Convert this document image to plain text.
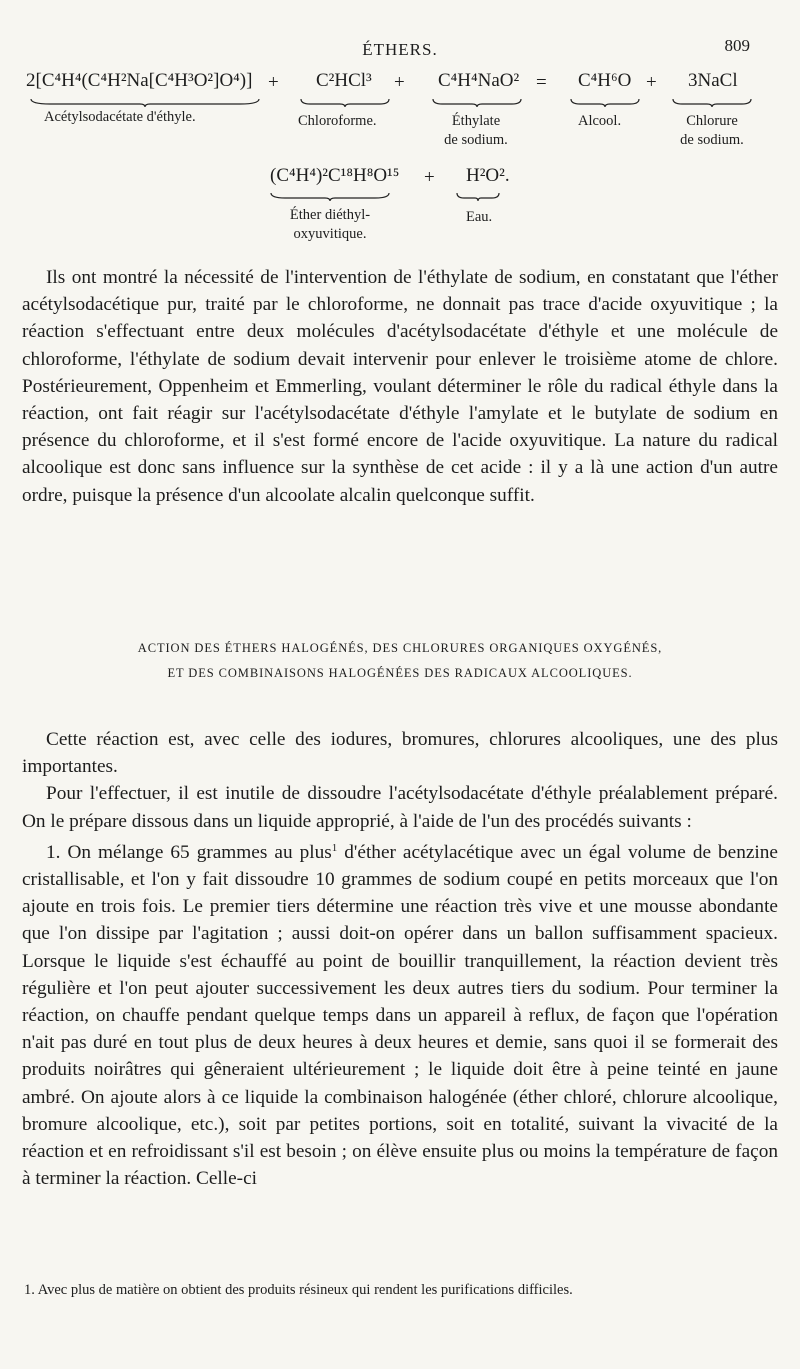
ÉTHERS.	809
2[C⁴H⁴(C⁴H²Na[C⁴H³O²]O⁴)] + C²HCl³ + C⁴H⁴NaO² = C⁴H⁶O + 3NaCl
Acétylsodacétate d'éthyle.	Chloroforme.	Éthylate
de sodium.
Alcool.	Chlorure
de sodium.
(C⁴H⁴)²C¹⁸H⁸O¹⁵ + H²O².
Éther diéthyl-
oxyuvitique.
Eau.

Ils ont montré la nécessité de l'intervention de l'éthylate de sodium, en constatant que l'éther acétylsodacétique pur, traité par le chloroforme, ne donnait pas trace d'acide oxyuvitique ; la réaction s'effectuant entre deux molécules d'acétylsodacétate d'éthyle et une molécule de chloroforme, l'éthylate de sodium devait intervenir pour enlever le troisième atome de chlore. Postérieurement, Oppenheim et Emmerling, voulant déterminer le rôle du radical éthyle dans la réaction, ont fait réagir sur l'acétylsodacétate d'éthyle l'amylate et le butylate de sodium en présence du chloroforme, et il s'est formé encore de l'acide oxyuvitique. La nature du radical alcoolique est donc sans influence sur la synthèse de cet acide : il y a là une action d'un autre ordre, puisque la présence d'un alcoolate alcalin quelconque suffit.

ACTION DES ÉTHERS HALOGÉNÉS, DES CHLORURES ORGANIQUES OXYGÉNÉS,
ET DES COMBINAISONS HALOGÉNÉES DES RADICAUX ALCOOLIQUES.

Cette réaction est, avec celle des iodures, bromures, chlorures alcooliques, une des plus importantes.

Pour l'effectuer, il est inutile de dissoudre l'acétylsodacétate d'éthyle préalablement préparé. On le prépare dissous dans un liquide approprié, à l'aide de l'un des procédés suivants :

1. On mélange 65 grammes au plus$^1$ d'éther acétylacétique avec un égal volume de benzine cristallisable, et l'on y fait dissoudre 10 grammes de sodium coupé en petits morceaux que l'on ajoute en trois fois. Le premier tiers détermine une réaction très vive et une mousse abondante que l'on dissipe par l'agitation ; aussi doit-on opérer dans un ballon suffisamment spacieux. Lorsque le liquide s'est échauffé au point de bouillir tranquillement, la réaction devient très régulière et l'on peut ajouter successivement les deux autres tiers du sodium. Pour terminer la réaction, on chauffe pendant quelque temps dans un appareil à reflux, de façon que l'opération n'ait pas duré en tout plus de deux heures à deux heures et demie, sans quoi il se formerait des produits noirâtres qui gêneraient ultérieurement ; le liquide doit être à peine teinté en jaune ambré. On ajoute alors à ce liquide la combinaison halogénée (éther chloré, chlorure alcoolique, bromure alcoolique, etc.), soit par petites portions, soit en totalité, suivant la vivacité de la réaction et en refroidissant s'il est besoin ; on élève ensuite plus ou moins la température de façon à terminer la réaction. Celle-ci

1. Avec plus de matière on obtient des produits résineux qui rendent les purifications difficiles.
